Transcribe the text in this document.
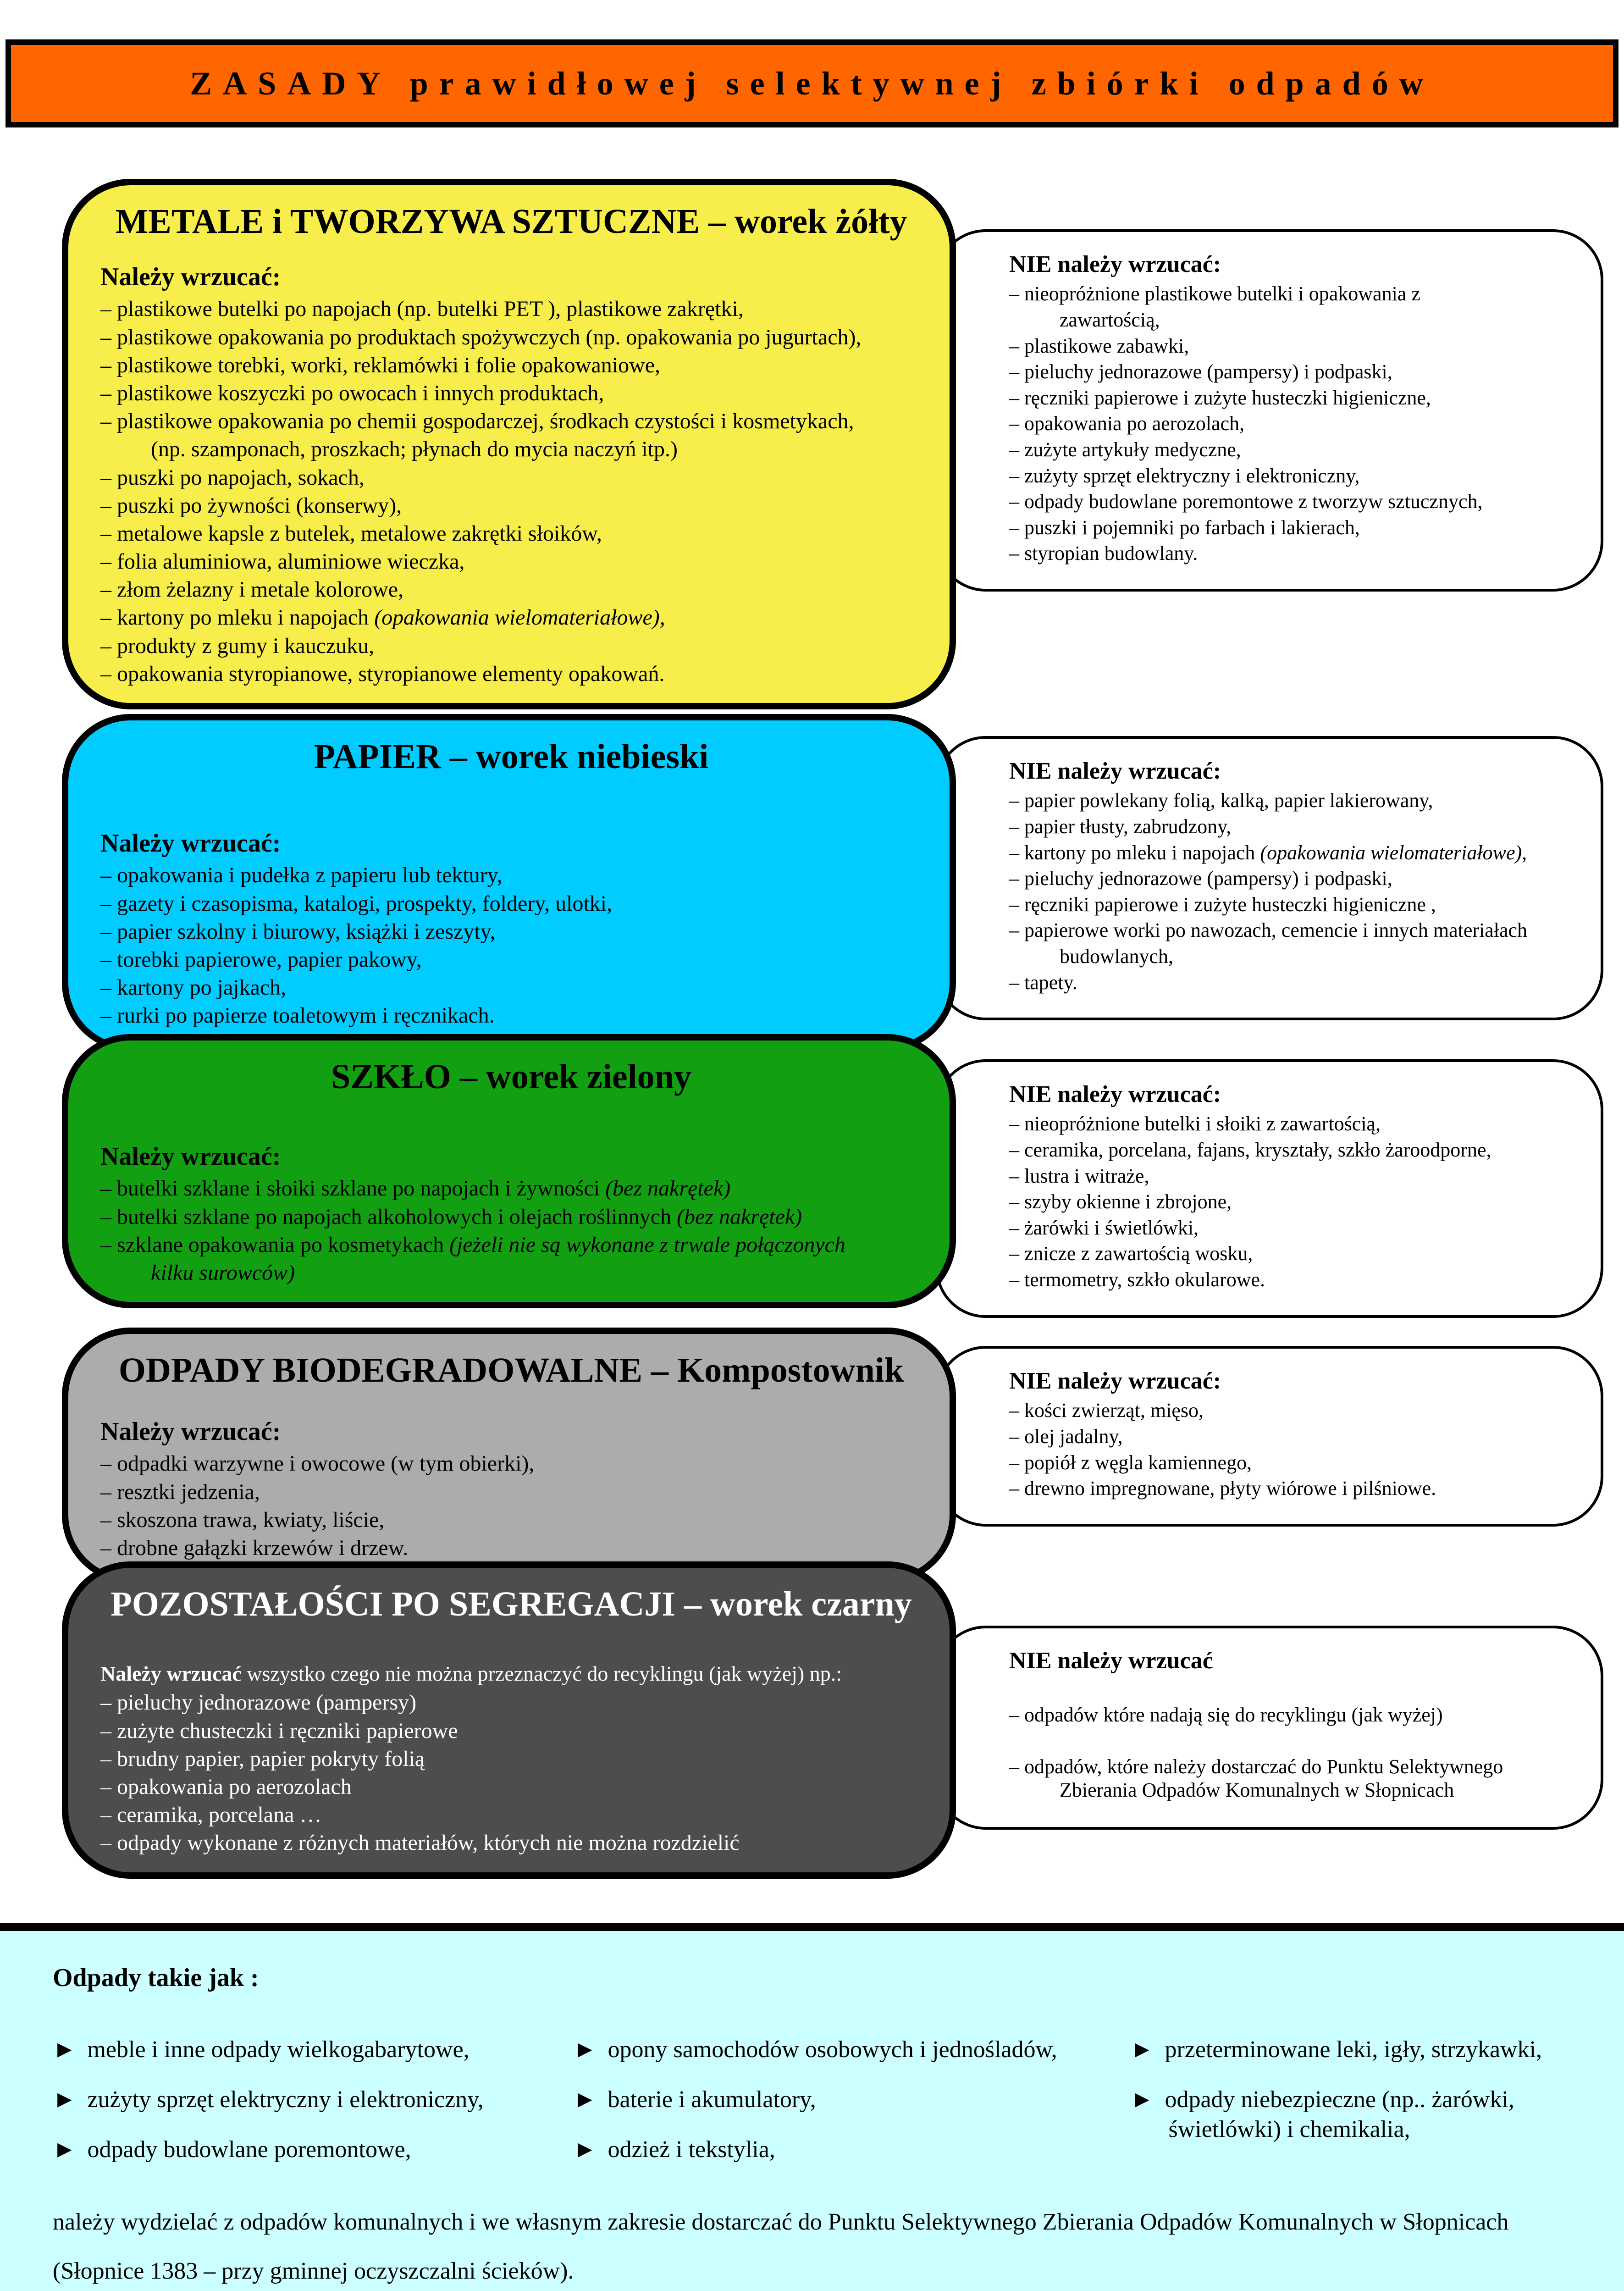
ZASADY prawidłowej selektywnej zbiórki odpadów
METALE i TWORZYWA SZTUCZNE – worek żółty

Należy wrzucać:

– plastikowe butelki po napojach (np. butelki PET ), plastikowe zakrętki,
– plastikowe opakowania po produktach spożywczych (np. opakowania po jugurtach),
– plastikowe torebki, worki, reklamówki i folie opakowaniowe,
– plastikowe koszyczki po owocach i innych produktach,
– plastikowe opakowania po chemii gospodarczej, środkach czystości i kosmetykach,
(np. szamponach, proszkach; płynach do mycia naczyń itp.)
– puszki po napojach, sokach,
– puszki po żywności (konserwy),
– metalowe kapsle z butelek, metalowe zakrętki słoików,
– folia aluminiowa, aluminiowe wieczka,
– złom żelazny i metale kolorowe,
– kartony po mleku i napojach (opakowania wielomateriałowe),
– produkty z gumy i kauczuku,
– opakowania styropianowe, styropianowe elementy opakowań.

NIE należy wrzucać:

– nieopróżnione plastikowe butelki i opakowania z
zawartością,
– plastikowe zabawki,
– pieluchy jednorazowe (pampersy) i podpaski,
– ręczniki papierowe i zużyte husteczki higieniczne,
– opakowania po aerozolach,
– zużyte artykuły medyczne,
– zużyty sprzęt elektryczny i elektroniczny,
– odpady budowlane poremontowe z tworzyw sztucznych,
– puszki i pojemniki po farbach i lakierach,
– styropian budowlany.
PAPIER – worek niebieski

Należy wrzucać:

– opakowania i pudełka z papieru lub tektury,
– gazety i czasopisma, katalogi, prospekty, foldery, ulotki,
– papier szkolny i biurowy, książki i zeszyty,
– torebki papierowe, papier pakowy,
– kartony po jajkach,
– rurki po papierze toaletowym i ręcznikach.

NIE należy wrzucać:

– papier powlekany folią, kalką, papier lakierowany,
– papier tłusty, zabrudzony,
– kartony po mleku i napojach (opakowania wielomateriałowe),
– pieluchy jednorazowe (pampersy) i podpaski,
– ręczniki papierowe i zużyte husteczki higieniczne ,
– papierowe worki po nawozach, cemencie i innych materiałach
budowlanych,
– tapety.
SZKŁO – worek zielony

Należy wrzucać:

– butelki szklane i słoiki szklane po napojach i żywności (bez nakrętek)
– butelki szklane po napojach alkoholowych i olejach roślinnych (bez nakrętek)
– szklane opakowania po kosmetykach (jeżeli nie są wykonane z trwale połączonych
kilku surowców)

NIE należy wrzucać:

– nieopróżnione butelki i słoiki z zawartością,
– ceramika, porcelana, fajans, kryształy, szkło żaroodporne,
– lustra i witraże,
– szyby okienne i zbrojone,
– żarówki i świetlówki,
– znicze z zawartością wosku,
– termometry, szkło okularowe.
ODPADY BIODEGRADOWALNE – Kompostownik

Należy wrzucać:

– odpadki warzywne i owocowe (w tym obierki),
– resztki jedzenia,
– skoszona trawa, kwiaty, liście,
– drobne gałązki krzewów i drzew.

NIE należy wrzucać:

– kości zwierząt, mięso,
– olej jadalny,
– popiół z węgla kamiennego,
– drewno impregnowane, płyty wiórowe i pilśniowe.
POZOSTAŁOŚCI PO SEGREGACJI – worek czarny

Należy wrzucać wszystko czego nie można przeznaczyć do recyklingu (jak wyżej) np.:

– pieluchy jednorazowe (pampersy)
– zużyte chusteczki i ręczniki papierowe
– brudny papier, papier pokryty folią
– opakowania po aerozolach
– ceramika, porcelana …
– odpady wykonane z różnych materiałów, których nie można rozdzielić

NIE należy wrzucać

– odpadów które nadają się do recyklingu (jak wyżej)
– odpadów, które należy dostarczać do Punktu Selektywnego
Zbierania Odpadów Komunalnych w Słopnicach

Odpady takie jak :

► meble i inne odpady wielkogabarytowe,
► zużyty sprzęt elektryczny i elektroniczny,
► odpady budowlane poremontowe,
► opony samochodów osobowych i jednośladów,
► baterie i akumulatory,
► odzież i tekstylia,
► przeterminowane leki, igły, strzykawki,
► odpady niebezpieczne (np.. żarówki,
świetlówki) i chemikalia,

należy wydzielać z odpadów komunalnych i we własnym zakresie dostarczać do Punktu Selektywnego Zbierania Odpadów Komunalnych w Słopnicach

(Słopnice 1383 – przy gminnej oczyszczalni ścieków).
